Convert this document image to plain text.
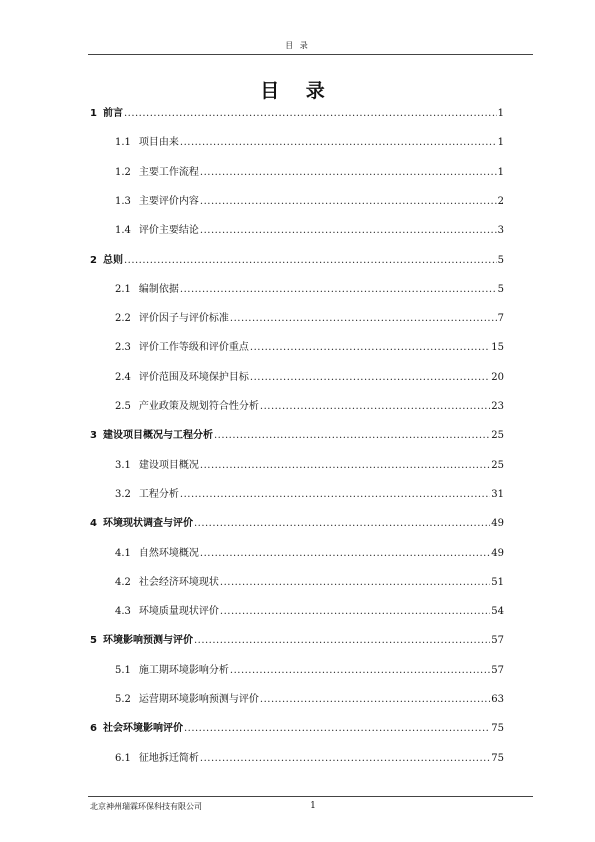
目 录
目 录
1 前言 .....	1
1.1 项目由来 .....	1
1.2 主要工作流程 .....	1
1.3 主要评价内容 .....	2
1.4 评价主要结论 .....	3
2 总则 .....	5
2.1 编制依据 .....	5
2.2 评价因子与评价标准 .....	7
2.3 评价工作等级和评价重点 .....	15
2.4 评价范围及环境保护目标 .....	20
2.5 产业政策及规划符合性分析 .....	23
3 建设项目概况与工程分析 .....	25
3.1 建设项目概况 .....	25
3.2 工程分析 .....	31
4 环境现状调查与评价 .....	49
4.1 自然环境概况 .....	49
4.2 社会经济环境现状 .....	51
4.3 环境质量现状评价 .....	54
5 环境影响预测与评价 .....	57
5.1 施工期环境影响分析 .....	57
5.2 运营期环境影响预测与评价 .....	63
6 社会环境影响评价 .....	75
6.1 征地拆迁简析 .....	75
北京神州瑞霖环保科技有限公司	1
